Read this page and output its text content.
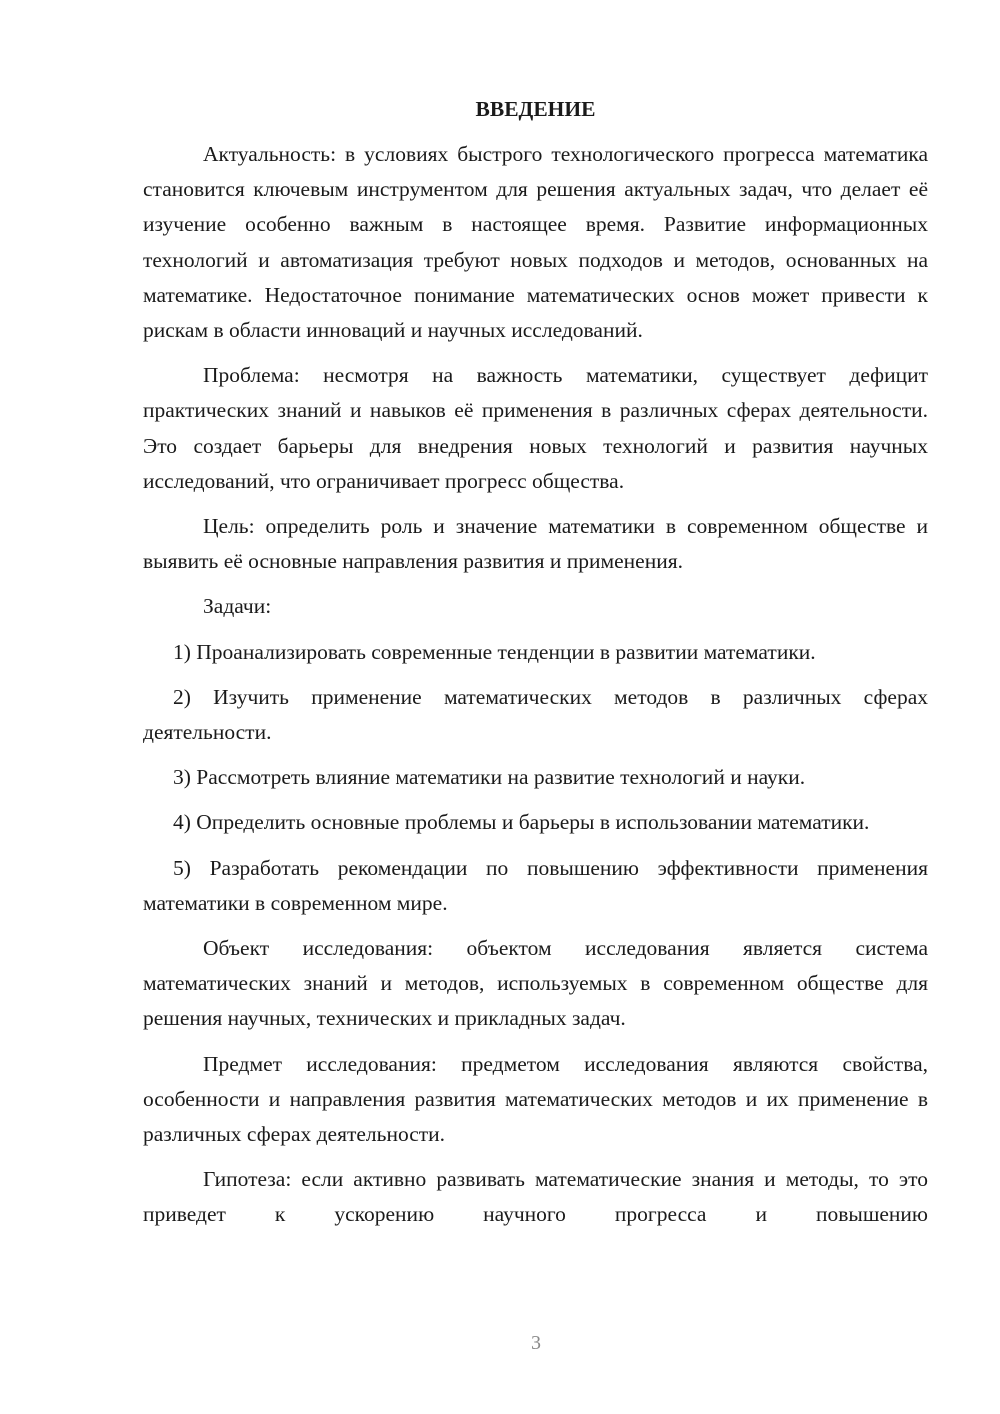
ВВЕДЕНИЕ

Актуальность: в условиях быстрого технологического прогресса математика становится ключевым инструментом для решения актуальных задач, что делает её изучение особенно важным в настоящее время. Развитие информационных технологий и автоматизация требуют новых подходов и методов, основанных на математике. Недостаточное понимание математических основ может привести к рискам в области инноваций и научных исследований.

Проблема: несмотря на важность математики, существует дефицит практических знаний и навыков её применения в различных сферах деятельности. Это создает барьеры для внедрения новых технологий и развития научных исследований, что ограничивает прогресс общества.

Цель: определить роль и значение математики в современном обществе и выявить её основные направления развития и применения.

Задачи:

1) Проанализировать современные тенденции в развитии математики.

2) Изучить применение математических методов в различных сферах деятельности.

3) Рассмотреть влияние математики на развитие технологий и науки.

4) Определить основные проблемы и барьеры в использовании математики.

5) Разработать рекомендации по повышению эффективности применения математики в современном мире.

Объект исследования: объектом исследования является система математических знаний и методов, используемых в современном обществе для решения научных, технических и прикладных задач.

Предмет исследования: предметом исследования являются свойства, особенности и направления развития математических методов и их применение в различных сферах деятельности.

Гипотеза: если активно развивать математические знания и методы, то это приведет к ускорению научного прогресса и повышению

3
